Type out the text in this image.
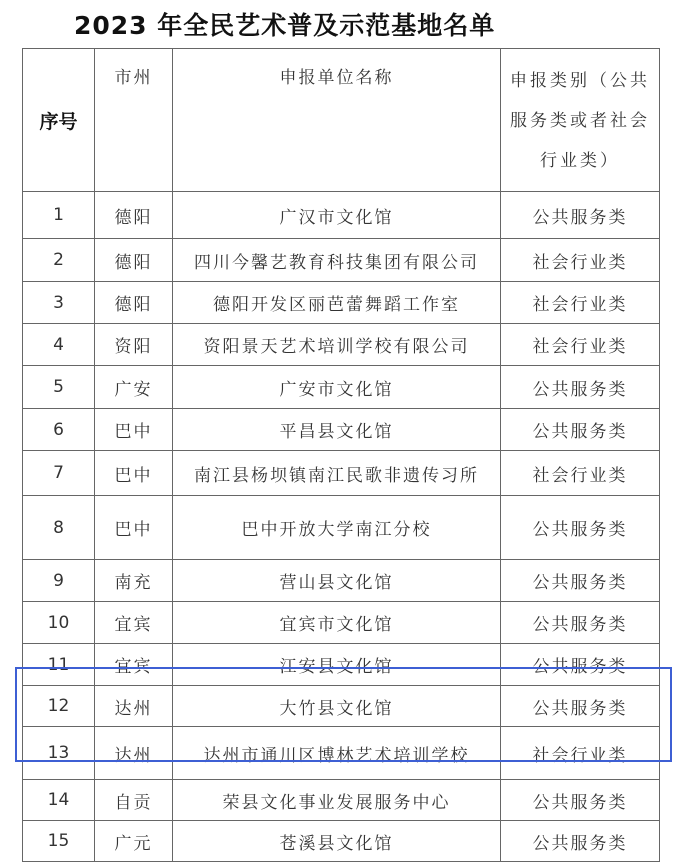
2023 年全民艺术普及示范基地名单
序号	市州	申报单位名称	申报类别（公共服务类或者社会行业类）
1	德阳	广汉市文化馆	公共服务类
2	德阳	四川今馨艺教育科技集团有限公司	社会行业类
3	德阳	德阳开发区丽芭蕾舞蹈工作室	社会行业类
4	资阳	资阳景天艺术培训学校有限公司	社会行业类
5	广安	广安市文化馆	公共服务类
6	巴中	平昌县文化馆	公共服务类
7	巴中	南江县杨坝镇南江民歌非遗传习所	社会行业类
8	巴中	巴中开放大学南江分校	公共服务类
9	南充	营山县文化馆	公共服务类
10	宜宾	宜宾市文化馆	公共服务类
11	宜宾	江安县文化馆	公共服务类
12	达州	大竹县文化馆	公共服务类
13	达州	达州市通川区博林艺术培训学校	社会行业类
14	自贡	荣县文化事业发展服务中心	公共服务类
15	广元	苍溪县文化馆	公共服务类
